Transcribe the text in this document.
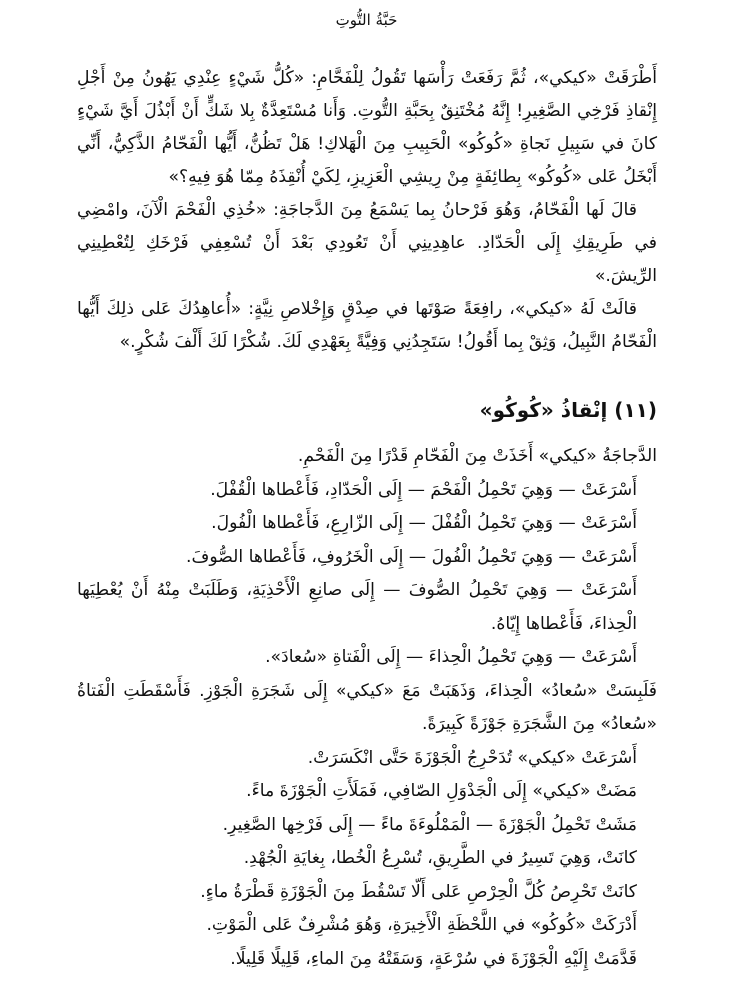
حَبَّةُ التُّوتِ

أَطْرَقَتْ «كيكي»، ثُمَّ رَفَعَتْ رَأْسَها تَقُولُ لِلْفَحَّامِ: «كُلُّ شَيْءٍ عِنْدِي يَهُونُ مِنْ أَجْلِ إِنْقاذِ فَرْخِي الصَّغِيرِ! إِنَّهُ مُخْتَنِقٌ بِحَبَّةِ التُّوتِ. وَأَنا مُسْتَعِدَّةٌ بِلا شَكٍّ أَنْ أَبْذُلَ أَيَّ شَيْءٍ كانَ في سَبِيلِ نَجاةِ «كُوكُو» الْحَبِيبِ مِنَ الْهَلاكِ! هَلْ تَظُنُّ، أَيُّها الْفَحّامُ الذَّكِيُّ، أَنِّي أَبْخَلُ عَلى «كُوكُو» بِطائِفَةٍ مِنْ رِيشِي الْعَزِيزِ، لِكَيْ أُنْقِذَهُ مِمّا هُوَ فِيهِ؟»

قالَ لَها الْفَحّامُ، وَهُوَ فَرْحانُ بِما يَسْمَعُ مِنَ الدَّجاجَةِ: «خُذِي الْفَحْمَ الْآنَ، وامْضِي في طَرِيقِكِ إِلَى الْحَدّادِ. عاهِدِينِي أَنْ تَعُودِي بَعْدَ أَنْ تُسْعِفِي فَرْخَكِ لِتُعْطِينِي الرِّيشَ.»

قالَتْ لَهُ «كيكي»، رافِعَةً صَوْتَها في صِدْقٍ وَإِخْلاصِ نِيَّةٍ: «أُعاهِدُكَ عَلى ذلِكَ أَيُّها الْفَحّامُ النَّبِيلُ، وَثِقْ بِما أَقُولُ! سَتَجِدُنِي وَفِيَّةً بِعَهْدِي لَكَ. شُكْرًا لَكَ أَلْفَ شُكْرٍ.»

(١١) إنْقاذُ «كُوكُو»

الدَّجاجَةُ «كيكي» أَخَذَتْ مِنَ الْفَحّامِ قَدْرًا مِنَ الْفَحْمِ.

أَسْرَعَتْ — وَهِيَ تَحْمِلُ الْفَحْمَ — إِلَى الْحَدّادِ، فَأَعْطاها الْقُفْلَ.

أَسْرَعَتْ — وَهِيَ تَحْمِلُ الْقُفْلَ — إِلَى الزّارِعِ، فَأَعْطاها الْفُولَ.

أَسْرَعَتْ — وَهِيَ تَحْمِلُ الْفُولَ — إِلَى الْخَرُوفِ، فَأَعْطاها الصُّوفَ.

أَسْرَعَتْ — وَهِيَ تَحْمِلُ الصُّوفَ — إِلَى صانِعِ الْأَحْذِيَةِ، وَطَلَبَتْ مِنْهُ أَنْ يُعْطِيَها الْحِذاءَ، فَأَعْطاها إِيّاهُ.

أَسْرَعَتْ — وَهِيَ تَحْمِلُ الْحِذاءَ — إِلَى الْفَتاةِ «سُعادَ».

فَلَبِسَتْ «سُعادُ» الْحِذاءَ، وَذَهَبَتْ مَعَ «كيكي» إِلَى شَجَرَةِ الْجَوْزِ. فَأَسْقَطَتِ الْفَتاةُ «سُعادُ» مِنَ الشَّجَرَةِ جَوْزَةً كَبِيرَةً.

أَسْرَعَتْ «كيكي» تُدَحْرِجُ الْجَوْزَةَ حَتَّى انْكَسَرَتْ.

مَضَتْ «كيكي» إِلَى الْجَدْوَلِ الصّافِي، فَمَلَأَتِ الْجَوْزَةَ ماءً.

مَشَتْ تَحْمِلُ الْجَوْزَةَ — الْمَمْلُوءَةَ ماءً — إِلَى فَرْخِها الصَّغِيرِ.

كانَتْ، وَهِيَ تَسِيرُ في الطَّرِيقِ، تُسْرِعُ الْخُطا، بِغايَةِ الْجُهْدِ.

كانَتْ تَحْرِصُ كُلَّ الْحِرْصِ عَلى أَلّا تَسْقُطَ مِنَ الْجَوْزَةِ قَطْرَةُ ماءٍ.

أَدْرَكَتْ «كُوكُو» في اللَّحْظَةِ الْأَخِيرَةِ، وَهُوَ مُشْرِفٌ عَلى الْمَوْتِ.

قَدَّمَتْ إِلَيْهِ الْجَوْزَةَ في سُرْعَةٍ، وَسَقَتْهُ مِنَ الماءِ، قَلِيلًا قَلِيلًا.
